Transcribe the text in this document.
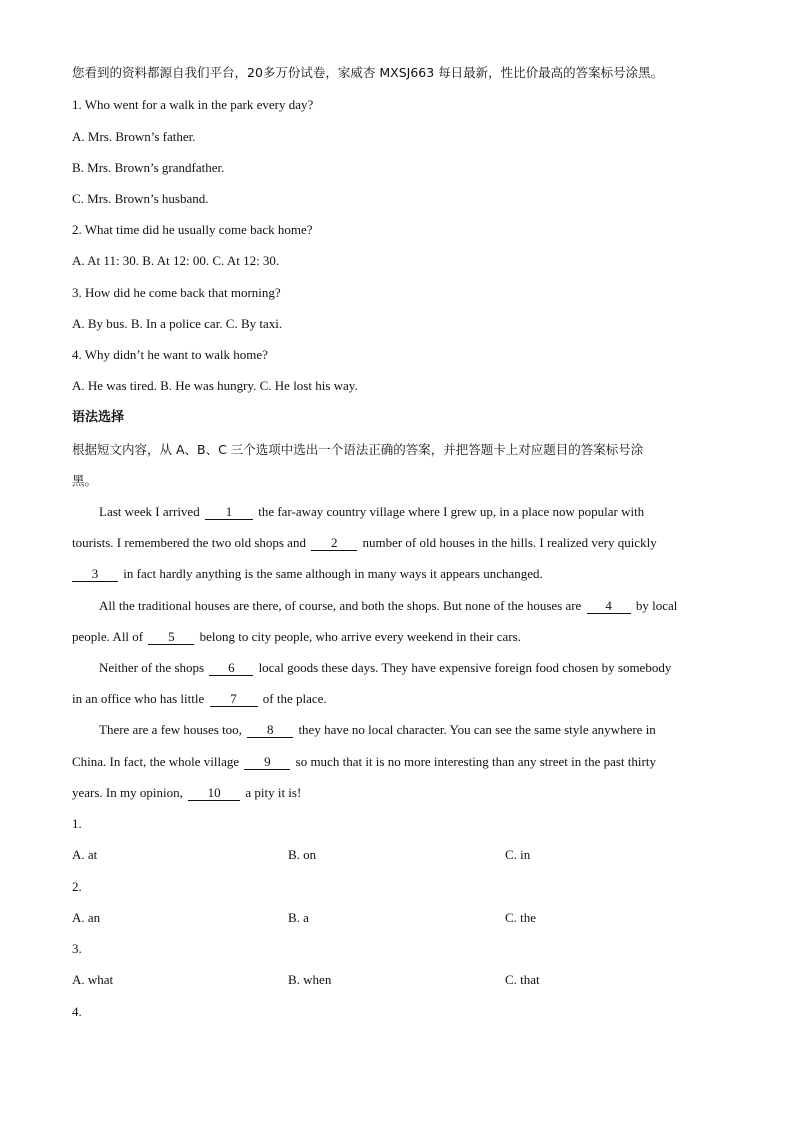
您看到的资料都源自我们平台，20多万份试卷，家威杏 MXSJ663 每日最新，性比价最高的答案标号涂黑。
1. Who went for a walk in the park every day?
A. Mrs. Brown’s father.
B. Mrs. Brown’s grandfather.
C. Mrs. Brown’s husband.
2. What time did he usually come back home?
A. At 11: 30. B. At 12: 00. C. At 12: 30.
3. How did he come back that morning?
A. By bus. B. In a police car. C. By taxi.
4. Why didn’t he want to walk home?
A. He was tired. B. He was hungry. C. He lost his way.
语法选择
根据短文内容，从 A、B、C 三个选项中选出一个语法正确的答案，并把答题卡上对应题目的答案标号涂
黑。
Last week I arrived 1 the far-away country village where I grew up, in a place now popular with
tourists. I remembered the two old shops and 2 number of old houses in the hills. I realized very quickly
3 in fact hardly anything is the same although in many ways it appears unchanged.
All the traditional houses are there, of course, and both the shops. But none of the houses are 4 by local
people. All of 5 belong to city people, who arrive every weekend in their cars.
Neither of the shops 6 local goods these days. They have expensive foreign food chosen by somebody
in an office who has little 7 of the place.
There are a few houses too, 8 they have no local character. You can see the same style anywhere in
China. In fact, the whole village 9 so much that it is no more interesting than any street in the past thirty
years. In my opinion, 10 a pity it is!
1.
A. at	B. on	C. in
2.
A. an	B. a	C. the
3.
A. what	B. when	C. that
4.
